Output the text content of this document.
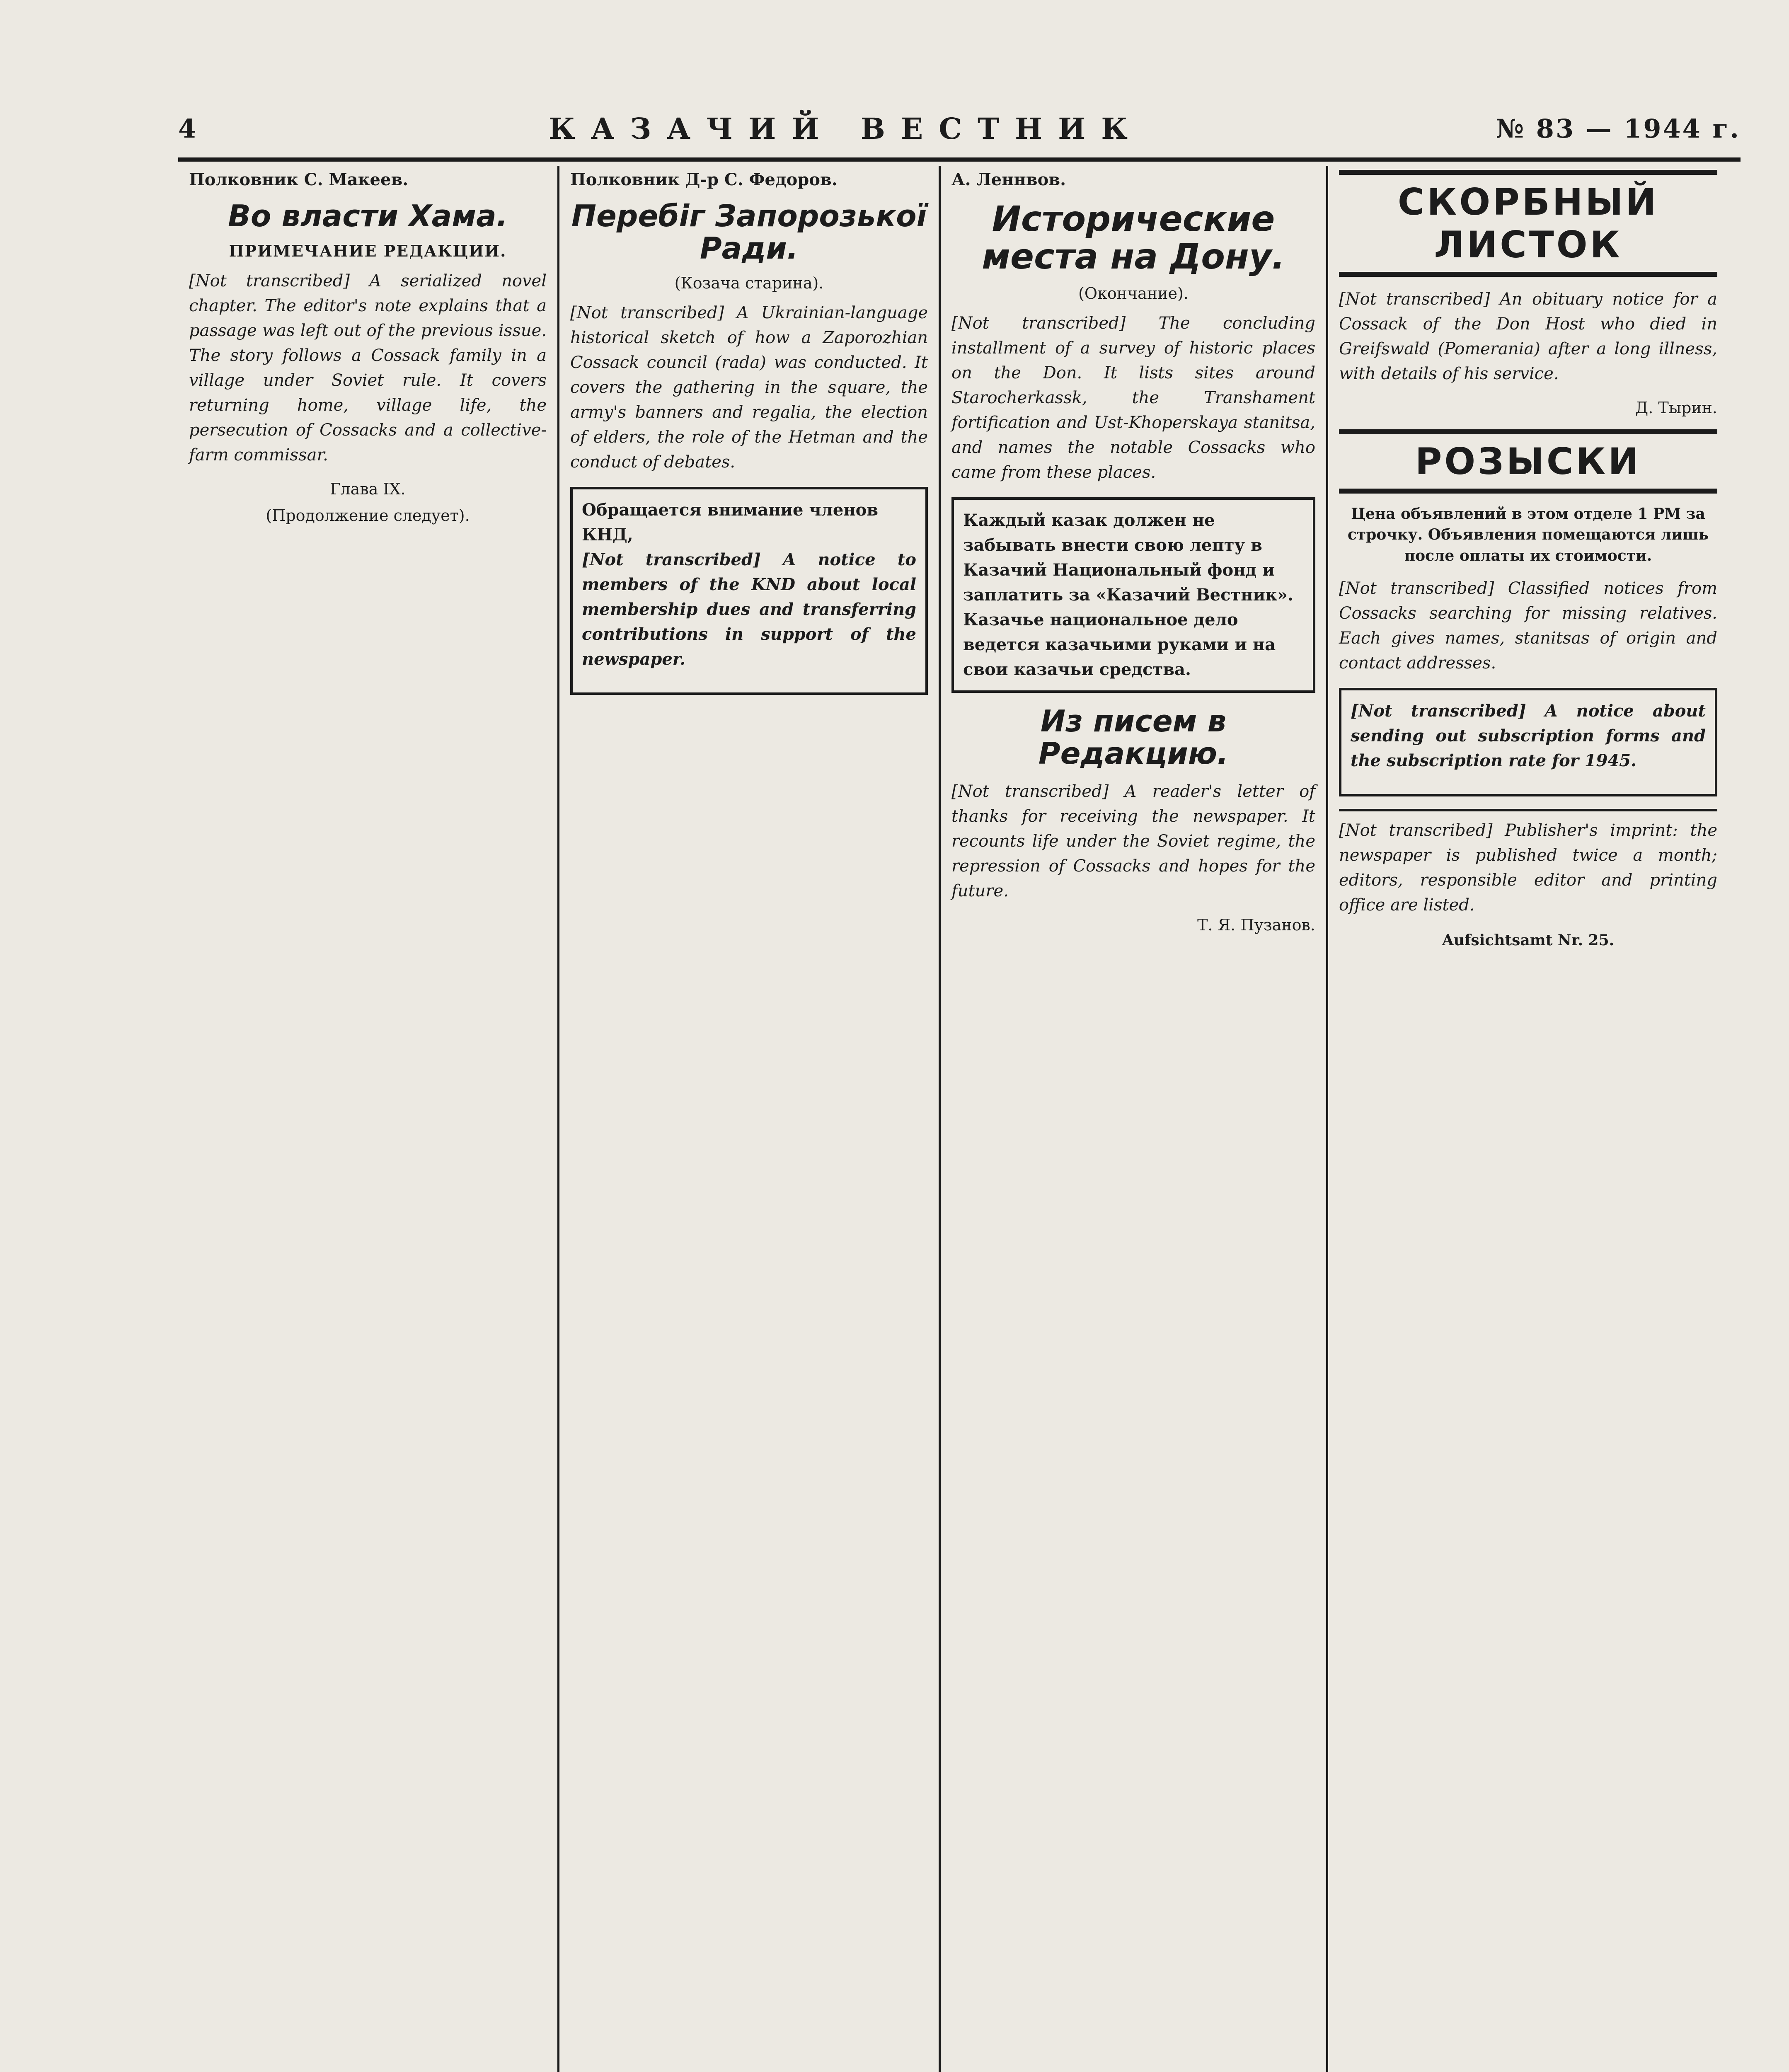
4	КАЗАЧИЙ ВЕСТНИК	№ 83 — 1944 г.
Полковник С. Макеев.
Во власти Хама.
ПРИМЕЧАНИЕ РЕДАКЦИИ.

[Not transcribed] A serialized novel chapter. The editor's note explains that a passage was left out of the previous issue. The story follows a Cossack family in a village under Soviet rule. It covers returning home, village life, the persecution of Cossacks and a collective-farm commissar.

Глава IX.
(Продолжение следует).
Полковник Д-р С. Федоров.
Перебіг Запорозької Ради.
(Козача старина).

[Not transcribed] A Ukrainian-language historical sketch of how a Zaporozhian Cossack council (rada) was conducted. It covers the gathering in the square, the army's banners and regalia, the election of elders, the role of the Hetman and the conduct of debates.

Обращается внимание членов КНД,

[Not transcribed] A notice to members of the KND about local membership dues and transferring contributions in support of the newspaper.

А. Леннвов.
Исторические места на Дону.
(Окончание).

[Not transcribed] The concluding installment of a survey of historic places on the Don. It lists sites around Starocherkassk, the Transhament fortification and Ust-Khoperskaya stanitsa, and names the notable Cossacks who came from these places.

Каждый казак должен не забывать внести свою лепту в Казачий Национальный фонд и заплатить за «Казачий Вестник». Казачье национальное дело ведется казачьими руками и на свои казачьи средства.
Из писем в Редакцию.

[Not transcribed] A reader's letter of thanks for receiving the newspaper. It recounts life under the Soviet regime, the repression of Cossacks and hopes for the future.

Т. Я. Пузанов.
СКОРБНЫЙ ЛИСТОК

[Not transcribed] An obituary notice for a Cossack of the Don Host who died in Greifswald (Pomerania) after a long illness, with details of his service.

Д. Тырин.
РОЗЫСКИ
Цена объявлений в этом отделе 1 РМ за строчку. Объявления помещаются лишь после оплаты их стоимости.

[Not transcribed] Classified notices from Cossacks searching for missing relatives. Each gives names, stanitsas of origin and contact addresses.

[Not transcribed] A notice about sending out subscription forms and the subscription rate for 1945.

[Not transcribed] Publisher's imprint: the newspaper is published twice a month; editors, responsible editor and printing office are listed.

Aufsichtsamt Nr. 25.
